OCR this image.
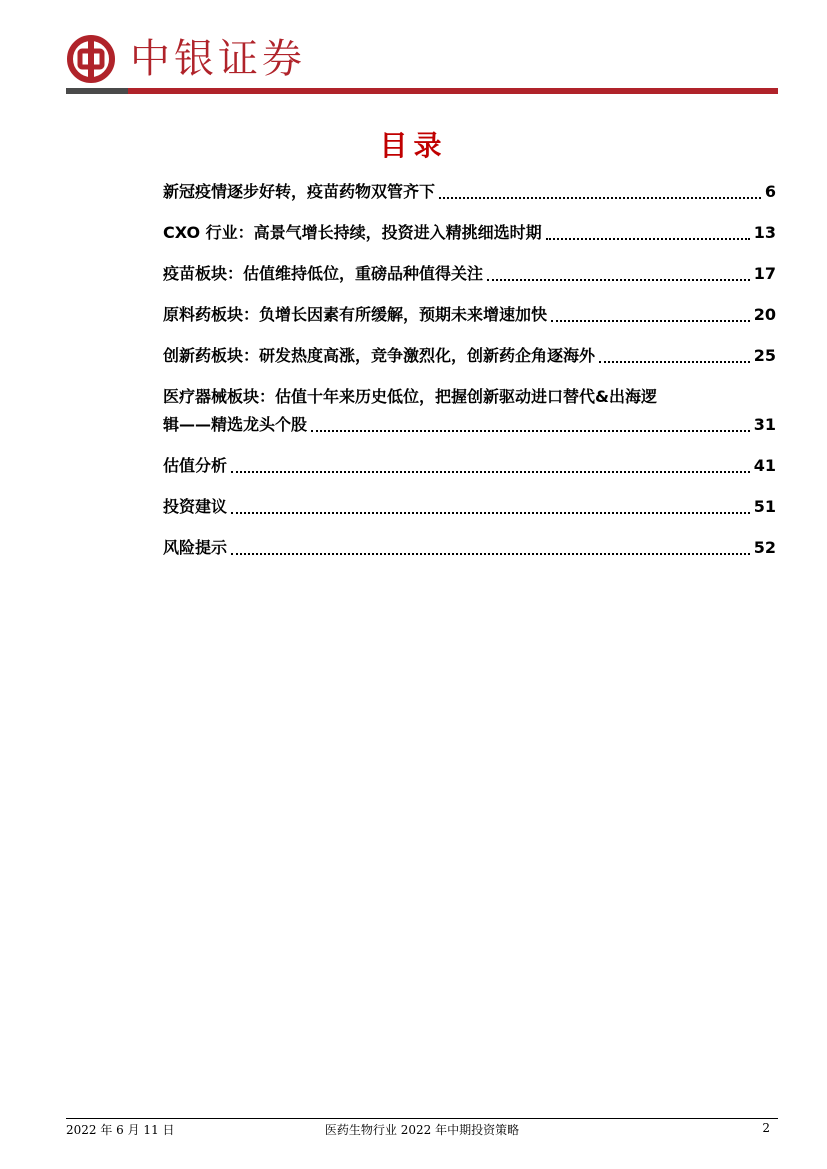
中银证券
目录
新冠疫情逐步好转，疫苗药物双管齐下	6
CXO 行业：高景气增长持续，投资进入精挑细选时期	13
疫苗板块：估值维持低位，重磅品种值得关注	17
原料药板块：负增长因素有所缓解，预期未来增速加快	20
创新药板块：研发热度高涨，竞争激烈化，创新药企角逐海外	25
医疗器械板块：估值十年来历史低位，把握创新驱动进口替代&出海逻
辑——精选龙头个股	31
估值分析	41
投资建议	51
风险提示	52
2022 年 6 月 11 日	医药生物行业 2022 年中期投资策略	2
